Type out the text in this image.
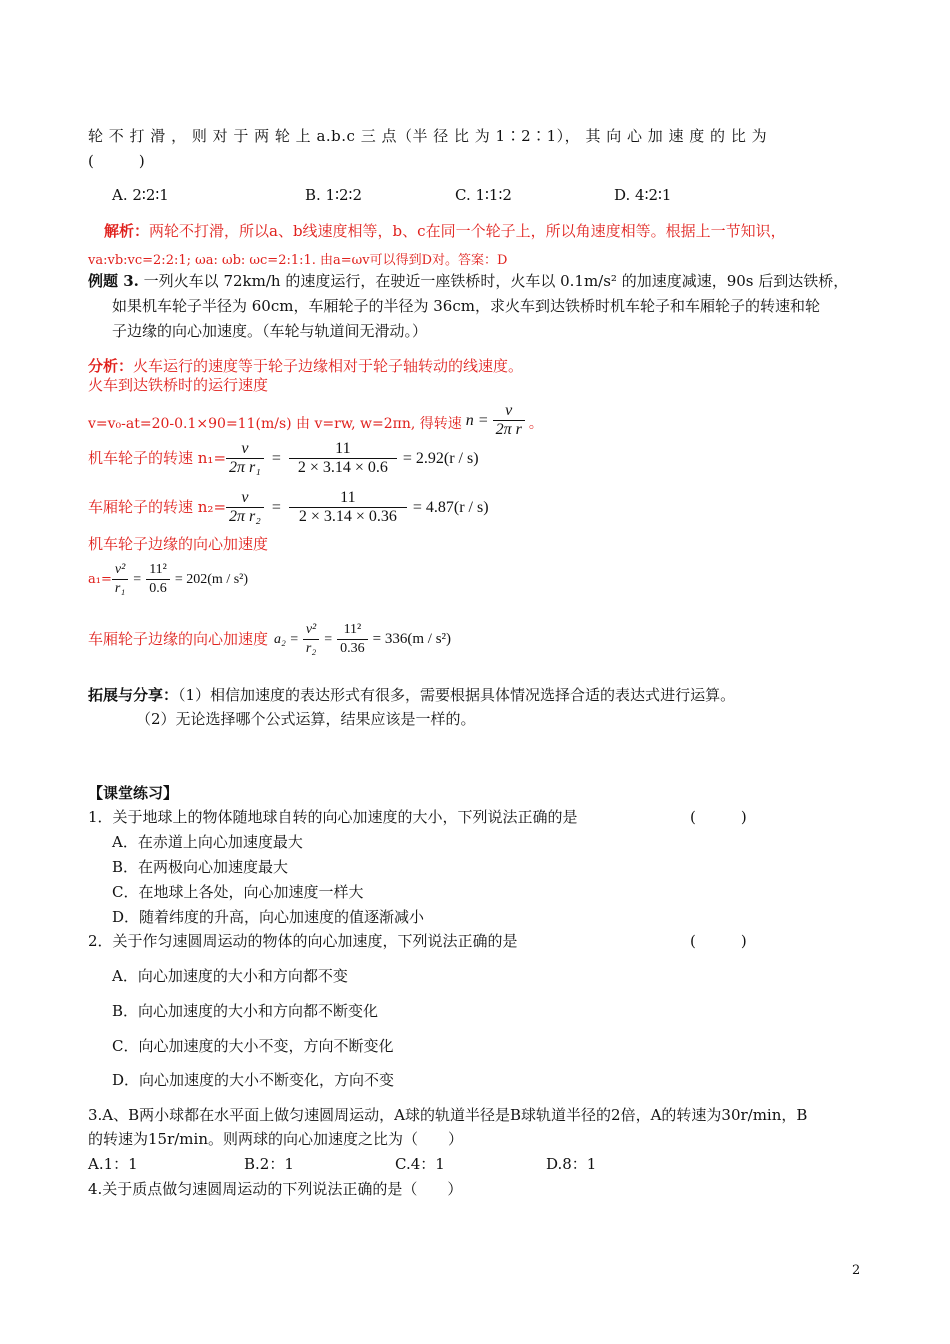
轮 不 打 滑 ， 则 对 于 两 轮 上 a.b.c 三 点（半 径 比 为 1∶2∶1）， 其 向 心 加 速 度 的 比 为
(　　　)
A. 2∶2∶1	B. 1∶2∶2	C. 1∶1∶2	D. 4∶2∶1
解析：两轮不打滑，所以a、b线速度相等，b、c在同一个轮子上，所以角速度相等。根据上一节知识，
va:vb:vc=2:2:1; ωa: ωb: ωc=2:1:1. 由a=ωv可以得到D对。答案：D
例题 3. 一列火车以 72km/h 的速度运行，在驶近一座铁桥时，火车以 0.1m/s² 的加速度减速，90s 后到达铁桥，
如果机车轮子半径为 60cm，车厢轮子的半径为 36cm，求火车到达铁桥时机车轮子和车厢轮子的转速和轮
子边缘的向心加速度。（车轮与轨道间无滑动。）
分析：火车运行的速度等于轮子边缘相对于轮子轴转动的线速度。
火车到达铁桥时的运行速度
v=v₀-at=20-0.1×90=11(m/s) 由 v=rw, w=2πn, 得转速 $n = \frac{v}{\text{2π r}}$ 。
机车轮子的转速 $n_1= \frac{v}{\text{2π r₁}} = \frac{11}{2 \times 3.14 \times 0.6} = 2.92(r / s)$
车厢轮子的转速 $n_2= \frac{v}{\text{2π r₂}} = \frac{11}{2 \times 3.14 \times 0.36} = 4.87(r / s)$
机车轮子边缘的向心加速度
$a_1= \frac{\text{v²}}{\text{r₁}} = \frac{\text{11²}}{0.6} = 202(m / s^2)$
车厢轮子边缘的向心加速度 $a_2 = \frac{\text{v²}}{\text{r₂}} = \frac{\text{11²}}{0.36} = 336(m / s^2)$
拓展与分享：（1）相信加速度的表达形式有很多，需要根据具体情况选择合适的表达式进行运算。
（2）无论选择哪个公式运算，结果应该是一样的。
【课堂练习】
1．关于地球上的物体随地球自转的向心加速度的大小，下列说法正确的是	(　　　)
A．在赤道上向心加速度最大
B．在两极向心加速度最大
C．在地球上各处，向心加速度一样大
D．随着纬度的升高，向心加速度的值逐渐减小
2．关于作匀速圆周运动的物体的向心加速度，下列说法正确的是	(　　　)
A．向心加速度的大小和方向都不变
B．向心加速度的大小和方向都不断变化
C．向心加速度的大小不变，方向不断变化
D．向心加速度的大小不断变化，方向不变
3.A、B两小球都在水平面上做匀速圆周运动，A球的轨道半径是B球轨道半径的2倍，A的转速为30r/min，B
的转速为15r/min。则两球的向心加速度之比为（　　）
A.1：1	B.2：1	C.4：1	D.8：1
4.关于质点做匀速圆周运动的下列说法正确的是（　　）
2
